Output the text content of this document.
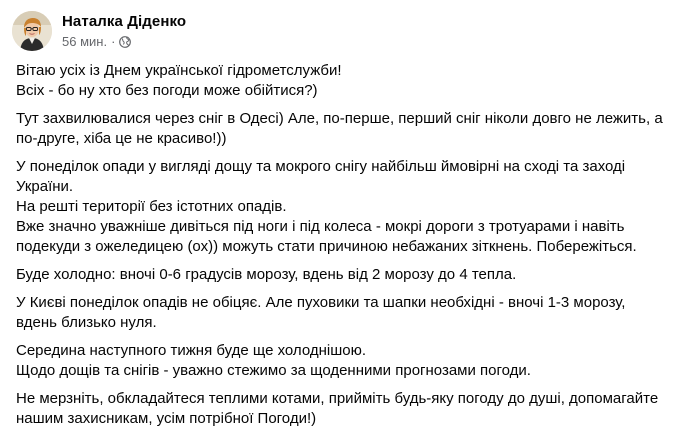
Наталка Діденко
56 мин. ·
Вітаю усіх із Днем української гідрометслужби!
Всіх - бо ну хто без погоди може обійтися?)
Тут захвилювалися через сніг в Одесі) Але, по-перше, перший сніг ніколи довго не лежить, а
по-друге, хіба це не красиво!))
У понеділок опади у вигляді дощу та мокрого снігу найбільш ймовірні на сході та заході
України.
На решті території без істотних опадів.
Вже значно уважніше дивіться під ноги і під колеса - мокрі дороги з тротуарами і навіть
подекуди з ожеледицею (ох)) можуть стати причиною небажаних зіткнень. Побережіться.
Буде холодно: вночі 0-6 градусів морозу, вдень від 2 морозу до 4 тепла.
У Києві понеділок опадів не обіцяє. Але пуховики та шапки необхідні - вночі 1-3 морозу,
вдень близько нуля.
Середина наступного тижня буде ще холоднішою.
Щодо дощів та снігів - уважно стежимо за щоденними прогнозами погоди.
Не мерзніть, обкладайтеся теплими котами, прийміть будь-яку погоду до душі, допомагайте
нашим захисникам, усім потрібної Погоди!)
